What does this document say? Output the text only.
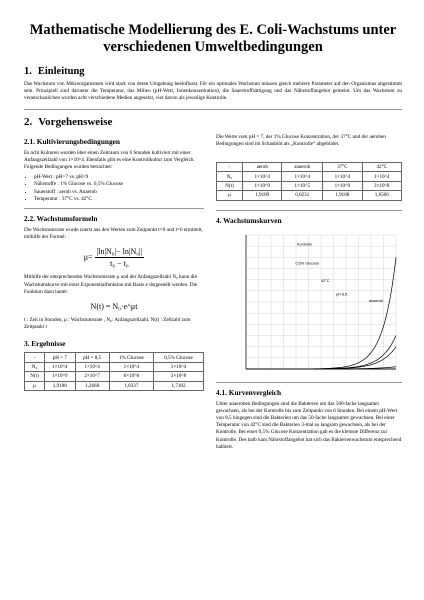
Mathematische Modellierung des E. Coli-Wachstums unter verschiedenen Umweltbedingungen
1. Einleitung
Das Wachstum von Mikroorganismen wird stark von deren Umgebung beeinflusst. Für ein optimales Wachstum müssen gleich mehrere Parameter auf den Organismus abgestimmt sein. Prinzipiell sind darunter die Temperatur, das Milieu (pH-Wert, Ionenkonzentration), die Sauerstoffsättigung und das Nährstoffangebot gemeint. Um das Wachstum zu veranschaulichen wurden acht verschiedene Medien angesetzt, vier davon als jeweilige Kontrolle.
2. Vorgehensweise
2.1. Kultivierungsbedingungen
Es acht Kulturen wurden über einen Zeitraum von 6 Stunden kultiviert mit einer Anfangszellzahl von 1×10^4. Ebenfalls gibt es eine Kontrollkultur zum Vergleich. Folgende Bedingungen wurden betrachtet:
• pH-Wert : pH=7 vs. pH=9
• Nährstoffe : 1% Glucose vs. 0,5% Glucose
• Sauerstoff : aerob vs. Anaerob
• Temperatur : 37°C vs. 42°C
2.2. Wachstumsformeln
Die Wachstumsrate wurde zuerst aus den Werten zum Zeitpunkt t=0 und t=6 ermittelt, mithilfe der Formel:
$\mu= \frac{\text{|ln|N₆|− ln|N₀||}}{\text{t₆ − t₀}}$
Mithilfe der entsprechenden Wachstumsrate μ und der Anfangszellzahl N₀ kann die Wachstumskurve mit einer Exponentialfunktion mit Basis e dargestellt werden. Die Funktion dazu lautet:
N(t) = N₀·e^μt
t : Zeit in Stunden, μ : Wachstumsrate , N₀: Anfangszellzahl, N(t) : Zellzahl zum Zeitpunkt t
3. Ergebnisse
-	pH = 7	pH = 8,5	1% Glucose	0,5% Glucose
N₀	1×10^4	1×10^4	1×10^4	1×10^4
N(t)	1×10^9	2×10^7	6×10^8	3×10^8
μ	1,9188	1,2668	1,8337	1,7182
Die Werte vom pH = 7, der 1% Glucose Konzentration, der 37°C und der aeroben Bedingungen sind im Schaubild als „Kontrolle“ abgebildet.
-	aerob	anaerob	37°C	42°C
N₀	1×10^4	1×10^4	1×10^4	1×10^4
N(t)	1×10^9	1×10^5	1×10^9	3×10^8
μ	1,9189	0,8231	1,9188	1,6506
4. Wachstumskurven
Kontrolle
0,5% Glucose
42°C
pH 8,5
anaerob
4.1. Kurvenvergleich
Unter anaeroben Bedingungen sind die Bakterien um das 500-fache langsamer gewachsen, als bei der Kontrolle bis zum Zeitpunkt von 6 Stunden. Bei einem pH-Wert von 8,5 hingegen sind die Bakterien um das 50-fache langsamer gewachsen. Bei einer Temperatur von 42°C sind die Bakterien 3-mal so langsam gewachsen, als bei der Kontrolle. Bei einer 0,5% Glucose Konzentration gab es die kleinste Differenz zur Kontrolle. Des halb kam Nährstoffangebot hat sich das Bakterienwachstum entsprechend halbiert.
